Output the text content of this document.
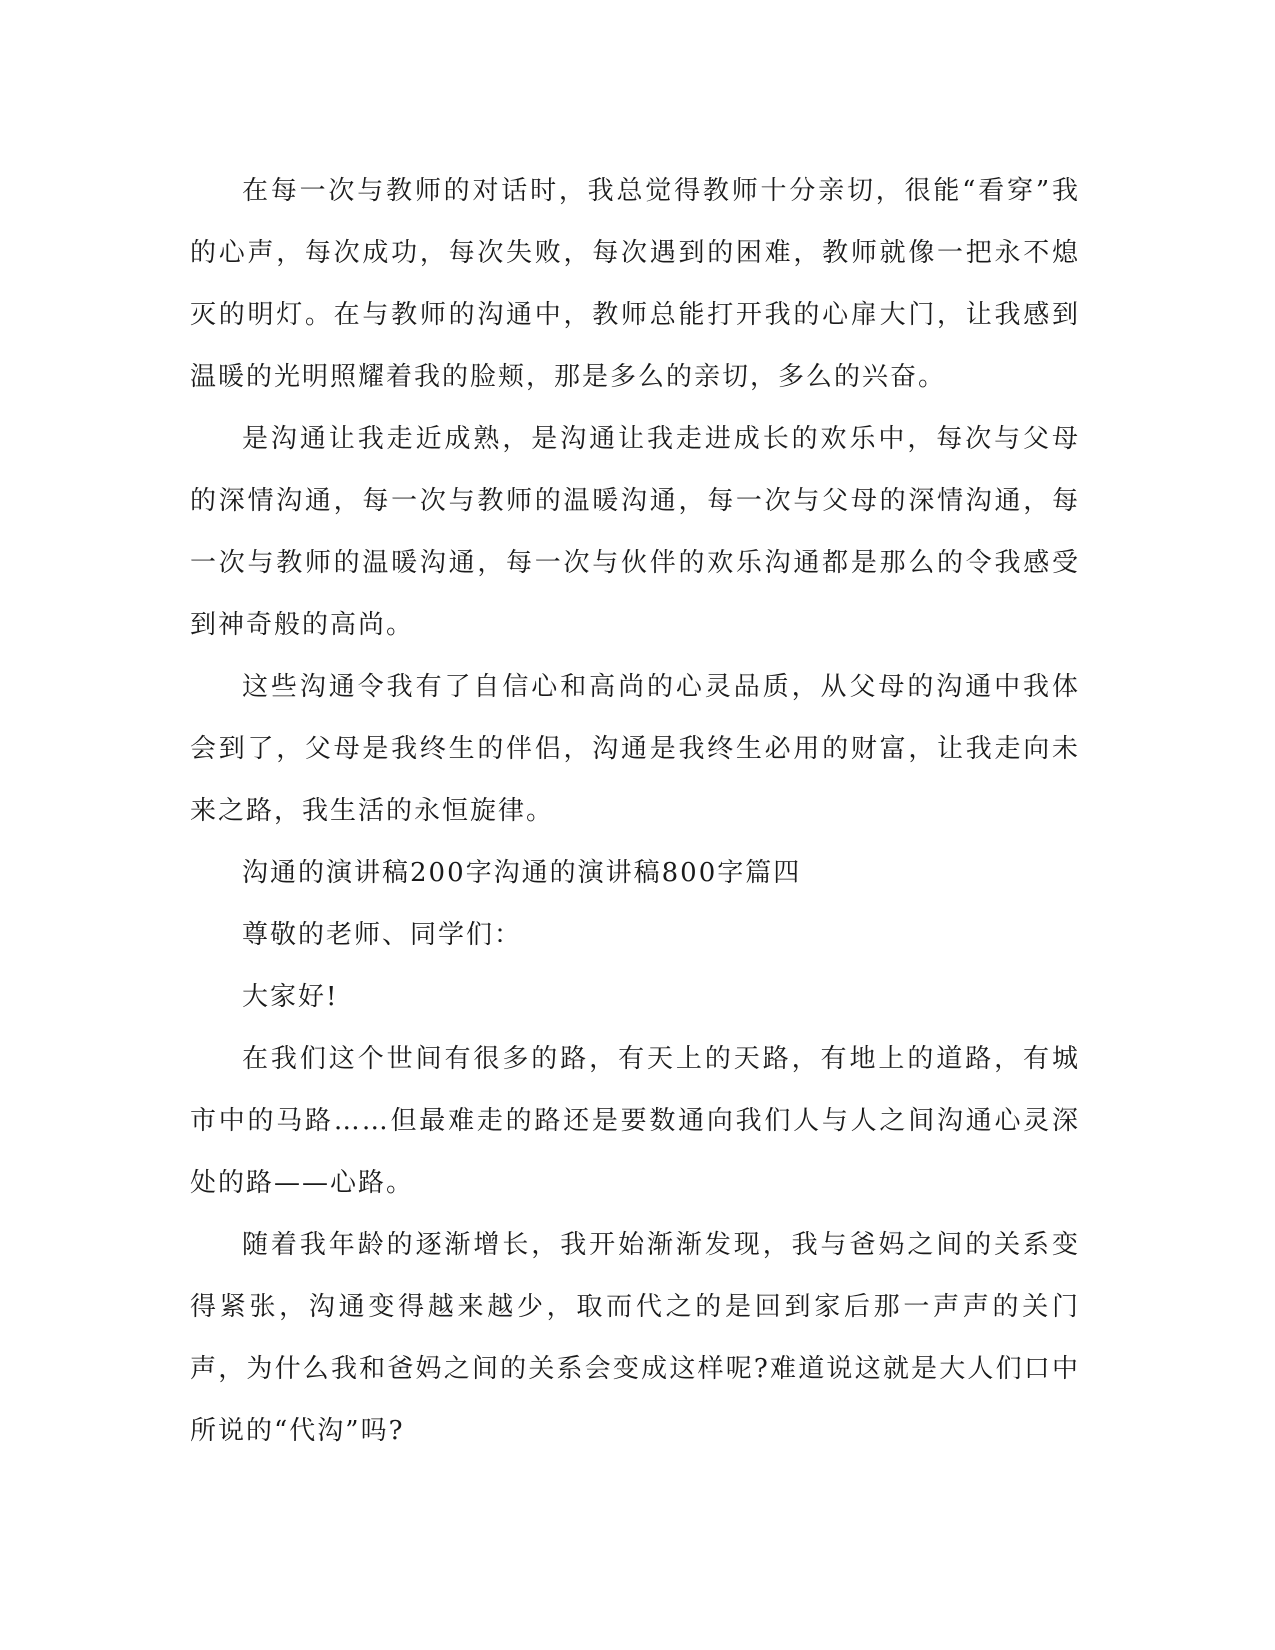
在每一次与教师的对话时，我总觉得教师十分亲切，很能“看穿”我的心声，每次成功，每次失败，每次遇到的困难，教师就像一把永不熄灭的明灯。在与教师的沟通中，教师总能打开我的心扉大门，让我感到温暖的光明照耀着我的脸颊，那是多么的亲切，多么的兴奋。

是沟通让我走近成熟，是沟通让我走进成长的欢乐中，每次与父母的深情沟通，每一次与教师的温暖沟通，每一次与父母的深情沟通，每一次与教师的温暖沟通，每一次与伙伴的欢乐沟通都是那么的令我感受到神奇般的高尚。

这些沟通令我有了自信心和高尚的心灵品质，从父母的沟通中我体会到了，父母是我终生的伴侣，沟通是我终生必用的财富，让我走向未来之路，我生活的永恒旋律。

沟通的演讲稿200字沟通的演讲稿800字篇四

尊敬的老师、同学们：

大家好!

在我们这个世间有很多的路，有天上的天路，有地上的道路，有城市中的马路……但最难走的路还是要数通向我们人与人之间沟通心灵深处的路——心路。

随着我年龄的逐渐增长，我开始渐渐发现，我与爸妈之间的关系变得紧张，沟通变得越来越少，取而代之的是回到家后那一声声的关门声，为什么我和爸妈之间的关系会变成这样呢?难道说这就是大人们口中所说的“代沟”吗?
